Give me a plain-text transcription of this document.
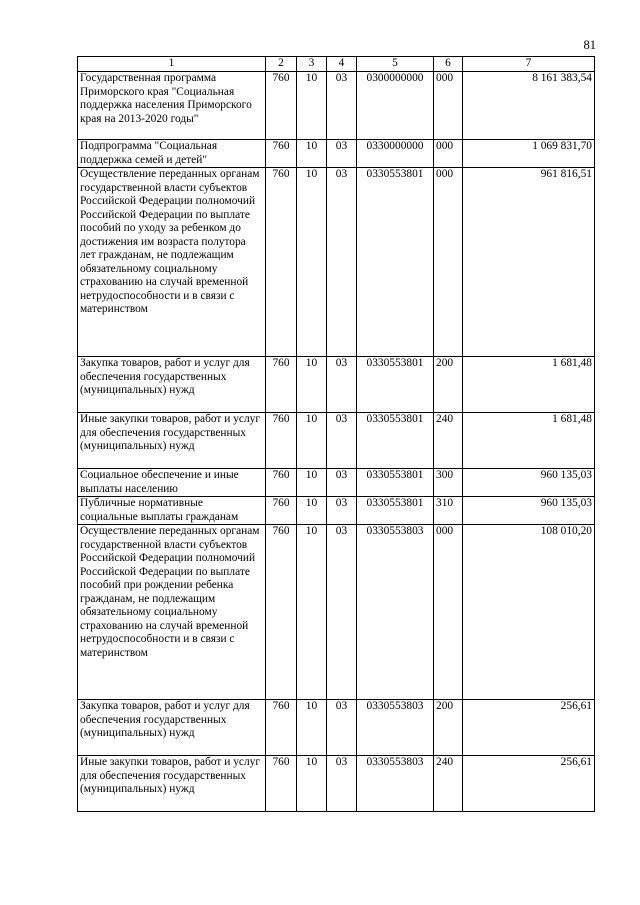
81
1	2	3	4	5	6	7
Государственная программа Приморского края "Социальная поддержка населения Приморского края на 2013-2020 годы"	760	10	03	0300000000	000	8 161 383,54
Подпрограмма "Социальная поддержка семей и детей"	760	10	03	0330000000	000	1 069 831,70
Осуществление переданных органам государственной власти субъектов Российской Федерации полномочий Российской Федерации по выплате пособий по уходу за ребенком до достижения им возраста полутора лет гражданам, не подлежащим обязательному социальному страхованию на случай временной нетрудоспособности и в связи с материнством	760	10	03	0330553801	000	961 816,51
Закупка товаров, работ и услуг для обеспечения государственных (муниципальных) нужд	760	10	03	0330553801	200	1 681,48
Иные закупки товаров, работ и услуг для обеспечения государственных (муниципальных) нужд	760	10	03	0330553801	240	1 681,48
Социальное обеспечение и иные выплаты населению	760	10	03	0330553801	300	960 135,03
Публичные нормативные социальные выплаты гражданам	760	10	03	0330553801	310	960 135,03
Осуществление переданных органам государственной власти субъектов Российской Федерации полномочий Российской Федерации по выплате пособий при рождении ребенка гражданам, не подлежащим обязательному социальному страхованию на случай временной нетрудоспособности и в связи с материнством	760	10	03	0330553803	000	108 010,20
Закупка товаров, работ и услуг для обеспечения государственных (муниципальных) нужд	760	10	03	0330553803	200	256,61
Иные закупки товаров, работ и услуг для обеспечения государственных (муниципальных) нужд	760	10	03	0330553803	240	256,61
